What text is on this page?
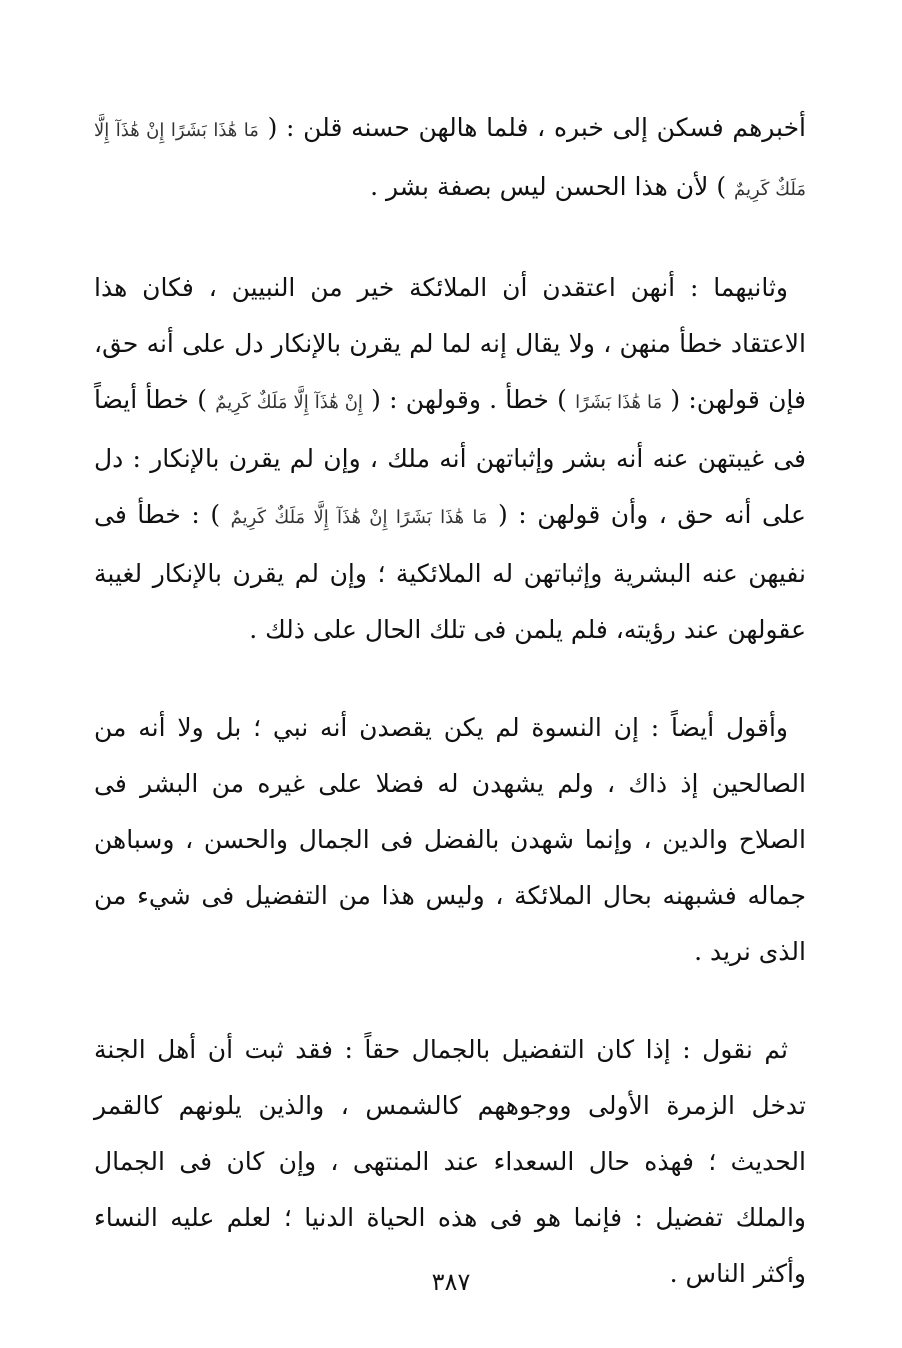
أخبرهم فسكن إلى خبره ، فلما هالهن حسنه قلن : ( مَا هَٰذَا بَشَرًا إِنْ هَٰذَآ إِلَّا مَلَكٌ كَرِيمٌ ) لأن هذا الحسن ليس بصفة بشر .

وثانيهما : أنهن اعتقدن أن الملائكة خير من النبيين ، فكان هذا الاعتقاد خطأ منهن ، ولا يقال إنه لما لم يقرن بالإنكار دل على أنه حق، فإن قولهن: ( مَا هَٰذَا بَشَرًا ) خطأ . وقولهن : ( إِنْ هَٰذَآ إِلَّا مَلَكٌ كَرِيمٌ ) خطأ أيضاً فى غيبتهن عنه أنه بشر وإثباتهن أنه ملك ، وإن لم يقرن بالإنكار : دل على أنه حق ، وأن قولهن : ( مَا هَٰذَا بَشَرًا إِنْ هَٰذَآ إِلَّا مَلَكٌ كَرِيمٌ ) : خطأ فى نفيهن عنه البشرية وإثباتهن له الملائكية ؛ وإن لم يقرن بالإنكار لغيبة عقولهن عند رؤيته، فلم يلمن فى تلك الحال على ذلك .

وأقول أيضاً : إن النسوة لم يكن يقصدن أنه نبي ؛ بل ولا أنه من الصالحين إذ ذاك ، ولم يشهدن له فضلا على غيره من البشر فى الصلاح والدين ، وإنما شهدن بالفضل فى الجمال والحسن ، وسباهن جماله فشبهنه بحال الملائكة ، وليس هذا من التفضيل فى شيء من الذى نريد .

ثم نقول : إذا كان التفضيل بالجمال حقاً : فقد ثبت أن أهل الجنة تدخل الزمرة الأولى ووجوههم كالشمس ، والذين يلونهم كالقمر الحديث ؛ فهذه حال السعداء عند المنتهى ، وإن كان فى الجمال والملك تفضيل : فإنما هو فى هذه الحياة الدنيا ؛ لعلم عليه النساء وأكثر الناس .

٣٨٧
